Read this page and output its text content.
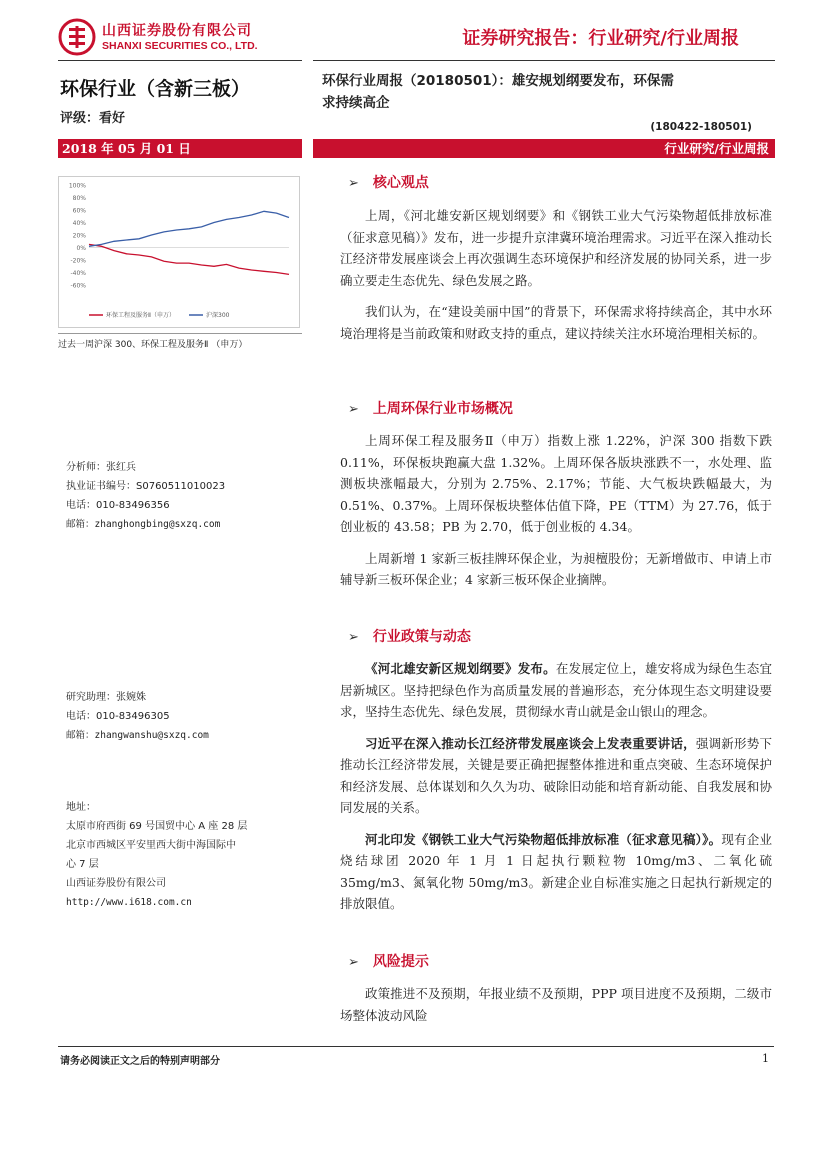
山西证券股份有限公司
SHANXI SECURITIES CO., LTD.	证券研究报告：行业研究/行业周报
环保行业（含新三板）
评级：看好
2018 年 05 月 01 日
环保行业周报（20180501）：雄安规划纲要发布，环保需
求持续高企
(180422-180501)
行业研究/行业周报
100%
80%
60%
40%
20%
0%
-20%
-40%
-60%
环保工程及服务Ⅱ（申万）	沪深300
过去一周沪深 300、环保工程及服务Ⅱ （申万）
分析师：张红兵
执业证书编号：S0760511010023
电话：010-83496356
邮箱：zhanghongbing@sxzq.com
研究助理：张婉姝
电话：010-83496305
邮箱：zhangwanshu@sxzq.com
地址：
太原市府西街 69 号国贸中心 A 座 28 层
北京市西城区平安里西大街中海国际中
心 7 层
山西证券股份有限公司
http://www.i618.com.cn
➢ 核心观点

上周，《河北雄安新区规划纲要》和《钢铁工业大气污染物超低排放标准（征求意见稿）》发布，进一步提升京津冀环境治理需求。习近平在深入推动长江经济带发展座谈会上再次强调生态环境保护和经济发展的协同关系，进一步确立要走生态优先、绿色发展之路。

我们认为，在“建设美丽中国”的背景下，环保需求将持续高企，其中水环境治理将是当前政策和财政支持的重点，建议持续关注水环境治理相关标的。

➢ 上周环保行业市场概况

上周环保工程及服务Ⅱ（申万）指数上涨 1.22%，沪深 300 指数下跌 0.11%，环保板块跑赢大盘 1.32%。上周环保各版块涨跌不一，水处理、监测板块涨幅最大，分别为 2.75%、2.17%；节能、大气板块跌幅最大，为 0.51%、0.37%。上周环保板块整体估值下降，PE（TTM）为 27.76，低于创业板的 43.58；PB 为 2.70，低于创业板的 4.34。

上周新增 1 家新三板挂牌环保企业，为昶檀股份；无新增做市、申请上市辅导新三板环保企业；4 家新三板环保企业摘牌。

➢ 行业政策与动态

《河北雄安新区规划纲要》发布。在发展定位上，雄安将成为绿色生态宜居新城区。坚持把绿色作为高质量发展的普遍形态，充分体现生态文明建设要求，坚持生态优先、绿色发展，贯彻绿水青山就是金山银山的理念。

习近平在深入推动长江经济带发展座谈会上发表重要讲话，强调新形势下推动长江经济带发展，关键是要正确把握整体推进和重点突破、生态环境保护和经济发展、总体谋划和久久为功、破除旧动能和培育新动能、自我发展和协同发展的关系。

河北印发《钢铁工业大气污染物超低排放标准（征求意见稿）》。现有企业烧结球团 2020 年 1 月 1 日起执行颗粒物 10mg/m3、二氧化硫 35mg/m3、氮氧化物 50mg/m3。新建企业自标准实施之日起执行新规定的排放限值。

➢ 风险提示

政策推进不及预期，年报业绩不及预期，PPP 项目进度不及预期，二级市场整体波动风险

请务必阅读正文之后的特别声明部分	1
